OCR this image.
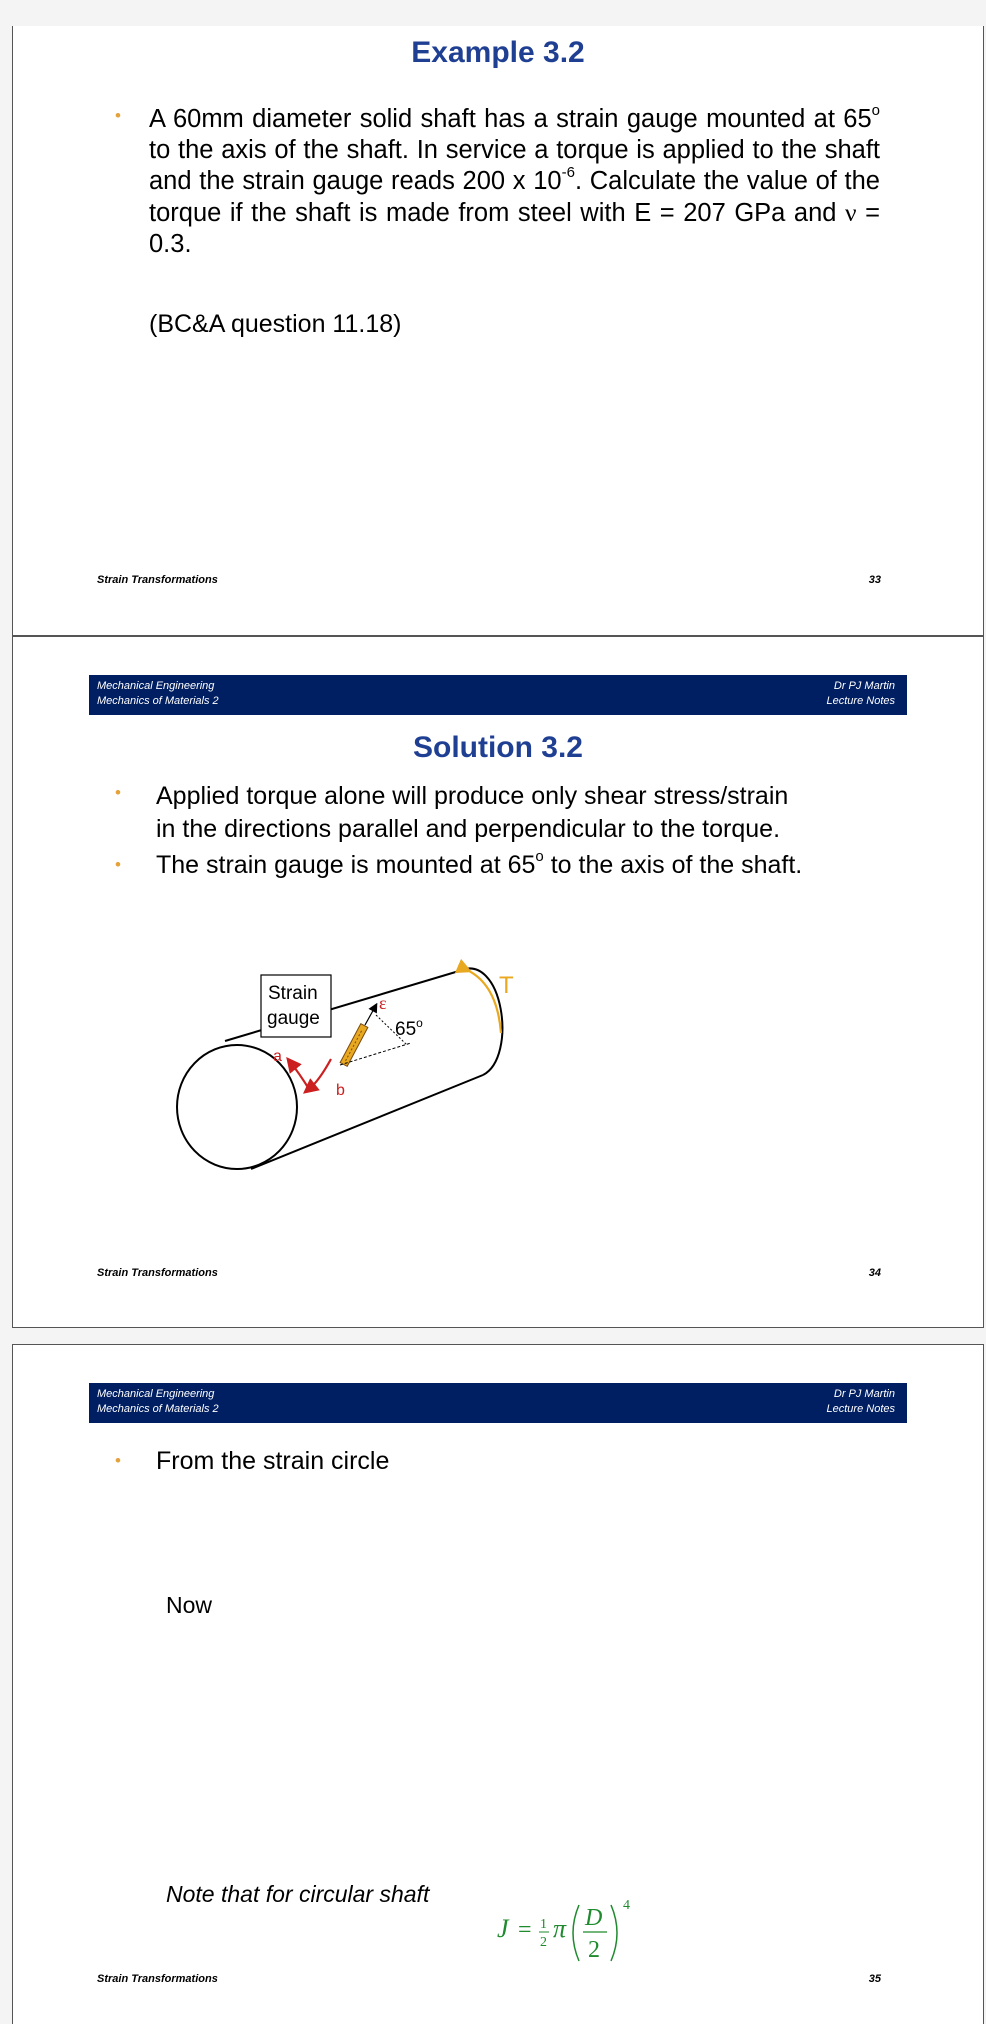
Example 3.2
• A 60mm diameter solid shaft has a strain gauge mounted at 65$^o$ to the axis of the shaft. In service a torque is applied to the shaft and the strain gauge reads 200 x $10^{-6}$. Calculate the value of the torque if the shaft is made from steel with E = 207 GPa and ν = 0.3.
(BC&A question 11.18)
Strain Transformations	33
Mechanical Engineering
Mechanics of Materials 2
Dr PJ Martin
Lecture Notes
Solution 3.2
• Applied torque alone will produce only shear stress/strain
in the directions parallel and perpendicular to the torque.
• The strain gauge is mounted at 65$^o$ to the axis of the shaft.
Strain
gauge
ε
65$^o$
a
b
T
Strain Transformations	34
Mechanical Engineering
Mechanics of Materials 2
Dr PJ Martin
Lecture Notes
• From the strain circle
Now
Note that for circular shaft
J = 1
2 π D
2
4
Strain Transformations	35
